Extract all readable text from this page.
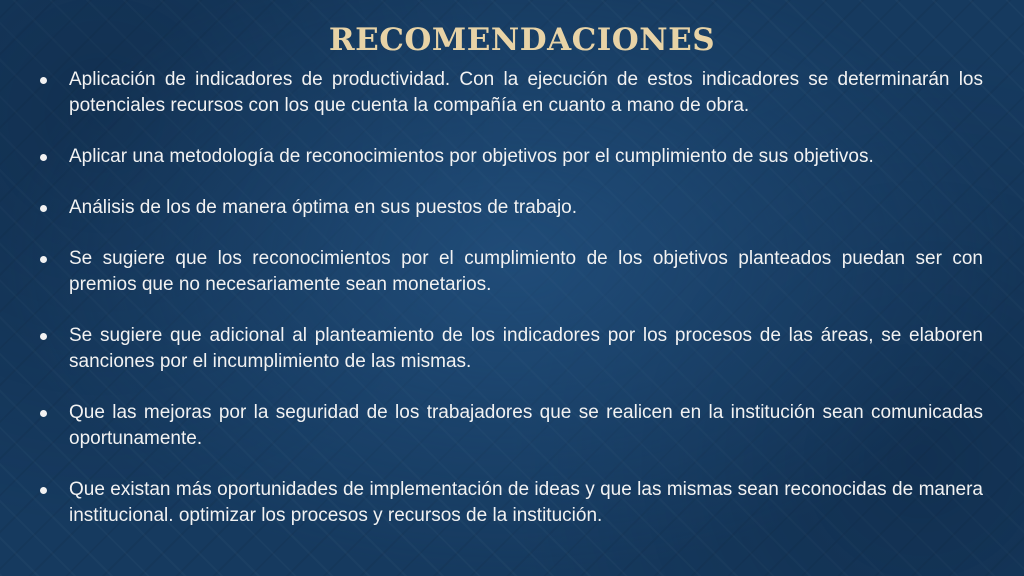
RECOMENDACIONES
Aplicación de indicadores de productividad. Con la ejecución de estos indicadores se determinarán los potenciales recursos con los que cuenta la compañía en cuanto a mano de obra.
Aplicar una metodología de reconocimientos por objetivos por el cumplimiento de sus objetivos.
Análisis de los de manera óptima en sus puestos de trabajo.
Se sugiere que los reconocimientos por el cumplimiento de los objetivos planteados puedan ser con premios que no necesariamente sean monetarios.
Se sugiere que adicional al planteamiento de los indicadores por los procesos de las áreas, se elaboren sanciones por el incumplimiento de las mismas.
Que las mejoras por la seguridad de los trabajadores que se realicen en la institución sean comunicadas oportunamente.
Que existan más oportunidades de implementación de ideas y que las mismas sean reconocidas de manera institucional. optimizar los procesos y recursos de la institución.
